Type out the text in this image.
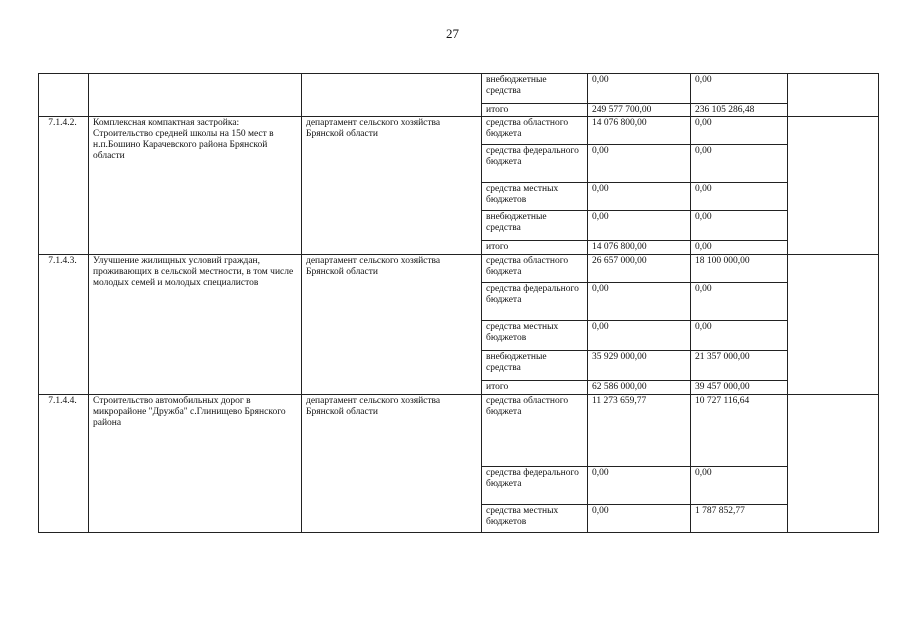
27
			внебюджетные средства	0,00	0,00	
			итого	249 577 700,00	236 105 286,48	
7.1.4.2.	Комплексная компактная застройка: Строительство средней школы на 150 мест в н.п.Бошино Карачевского района Брянской области	департамент сельского хозяйства Брянской области	средства областного бюджета	14 076 800,00	0,00	
			средства федерального бюджета	0,00	0,00	
			средства местных бюджетов	0,00	0,00	
			внебюджетные средства	0,00	0,00	
			итого	14 076 800,00	0,00	
7.1.4.3.	Улучшение жилищных условий граждан, проживающих в сельской местности, в том числе молодых семей и молодых специалистов	департамент сельского хозяйства Брянской области	средства областного бюджета	26 657 000,00	18 100 000,00	
			средства федерального бюджета	0,00	0,00	
			средства местных бюджетов	0,00	0,00	
			внебюджетные средства	35 929 000,00	21 357 000,00	
			итого	62 586 000,00	39 457 000,00	
7.1.4.4.	Строительство автомобильных дорог в микрорайоне "Дружба" с.Глинищево Брянского района	департамент сельского хозяйства Брянской области	средства областного бюджета	11 273 659,77	10 727 116,64	
			средства федерального бюджета	0,00	0,00	
			средства местных бюджетов	0,00	1 787 852,77	
